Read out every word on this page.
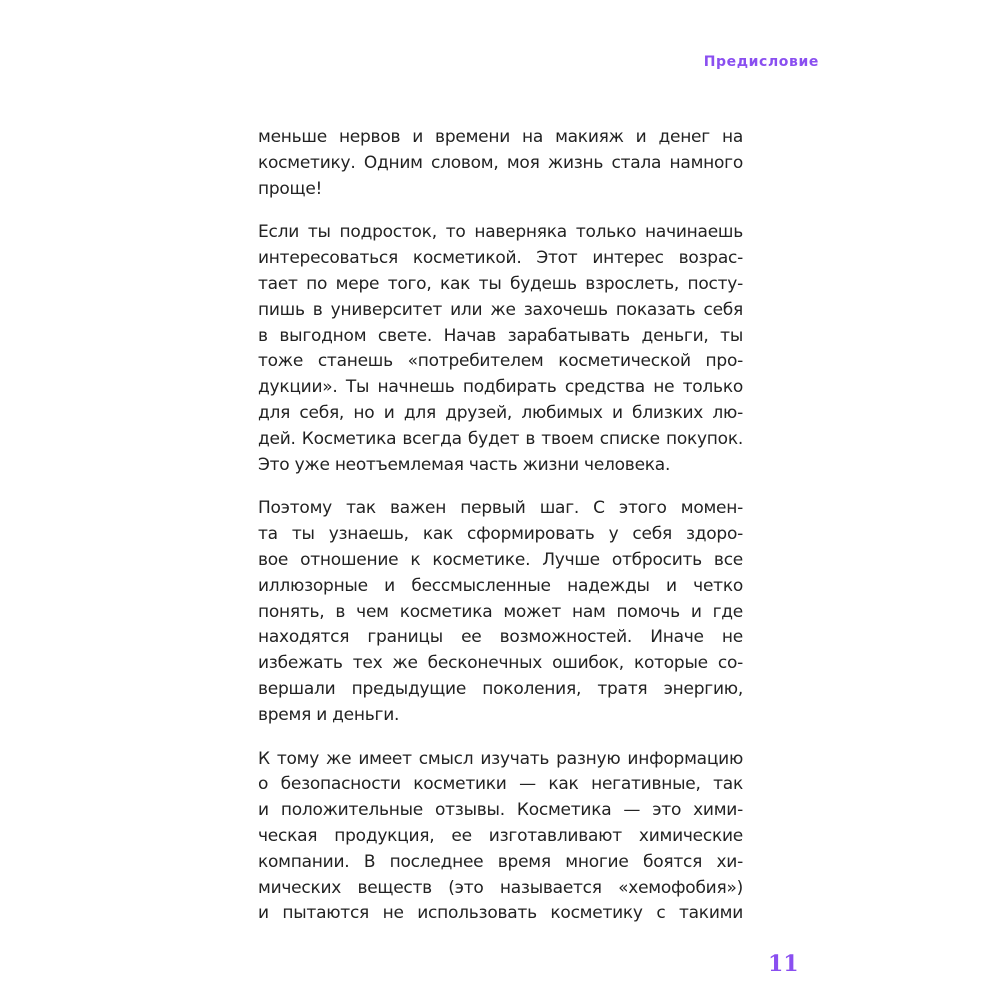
Предисловие
меньше нервов и времени на макияж и денег на
косметику. Одним словом, моя жизнь стала намного
проще!
Если ты подросток, то наверняка только начинаешь
интересоваться косметикой. Этот интерес возрас-
тает по мере того, как ты будешь взрослеть, посту-
пишь в университет или же захочешь показать себя
в выгодном свете. Начав зарабатывать деньги, ты
тоже станешь «потребителем косметической про-
дукции». Ты начнешь подбирать средства не только
для себя, но и для друзей, любимых и близких лю-
дей. Косметика всегда будет в твоем списке покупок.
Это уже неотъемлемая часть жизни человека.
Поэтому так важен первый шаг. С этого момен-
та ты узнаешь, как сформировать у себя здоро-
вое отношение к косметике. Лучше отбросить все
иллюзорные и бессмысленные надежды и четко
понять, в чем косметика может нам помочь и где
находятся границы ее возможностей. Иначе не
избежать тех же бесконечных ошибок, которые со-
вершали предыдущие поколения, тратя энергию,
время и деньги.
К тому же имеет смысл изучать разную информацию
о безопасности косметики — как негативные, так
и положительные отзывы. Косметика — это хими-
ческая продукция, ее изготавливают химические
компании. В последнее время многие боятся хи-
мических веществ (это называется «хемофобия»)
и пытаются не использовать косметику с такими
11
